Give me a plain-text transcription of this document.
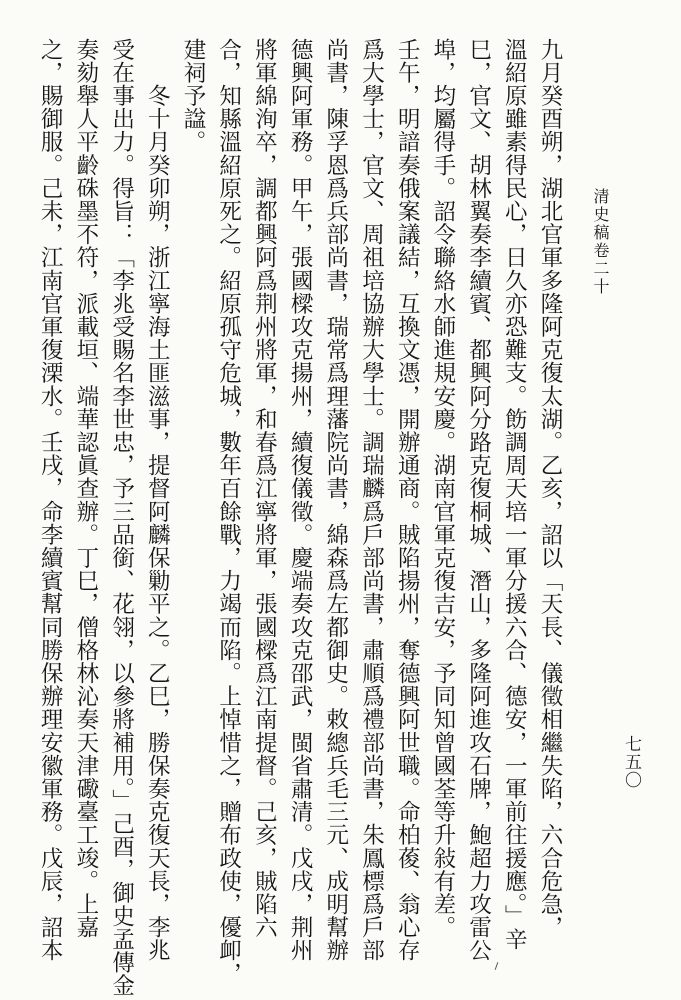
清史稿卷二十
七五〇
九月癸酉朔，湖北官軍多隆阿克復太湖。乙亥，詔以「天長、儀徵相繼失陷，六合危急，
溫紹原雖素得民心，日久亦恐難支。飭調周天培一軍分援六合、德安，一軍前往援應。」辛
巳，官文、胡林翼奏李續賓、都興阿分路克復桐城、潛山，多隆阿進攻石牌，鮑超力攻雷公
埠，均屬得手。詔令聯絡水師進規安慶。湖南官軍克復吉安，予同知曾國荃等升敍有差。
壬午，明諳奏俄案議結，互換文憑，開辦通商。賊陷揚州，奪德興阿世職。命柏葰、翁心存
爲大學士，官文、周祖培協辦大學士。調瑞麟爲戶部尚書，肅順爲禮部尚書，朱鳳標爲戶部
尚書，陳孚恩爲兵部尚書，瑞常爲理藩院尚書，綿森爲左都御史。敕總兵毛三元、成明幫辦
德興阿軍務。甲午，張國樑攻克揚州，續復儀徵。慶端奏攻克邵武，閩省肅清。戊戌，荆州
將軍綿洵卒，調都興阿爲荆州將軍，和春爲江寧將軍，張國樑爲江南提督。己亥，賊陷六
合，知縣溫紹原死之。紹原孤守危城，數年百餘戰，力竭而陷。上悼惜之，贈布政使，優卹，
建祠予諡。
　　冬十月癸卯朔，浙江寧海土匪滋事，提督阿麟保勦平之。乙巳，勝保奏克復天長，李兆
受在事出力。得旨：「李兆受賜名李世忠，予三品銜、花翎，以參將補用。」己酉，御史孟傳金
奏劾舉人平齡硃墨不符，派載垣、端華認眞查辦。丁巳，僧格林沁奏天津礮臺工竣。上嘉
之，賜御服。己未，江南官軍復溧水。壬戌，命李續賓幫同勝保辦理安徽軍務。戊辰，詔本
